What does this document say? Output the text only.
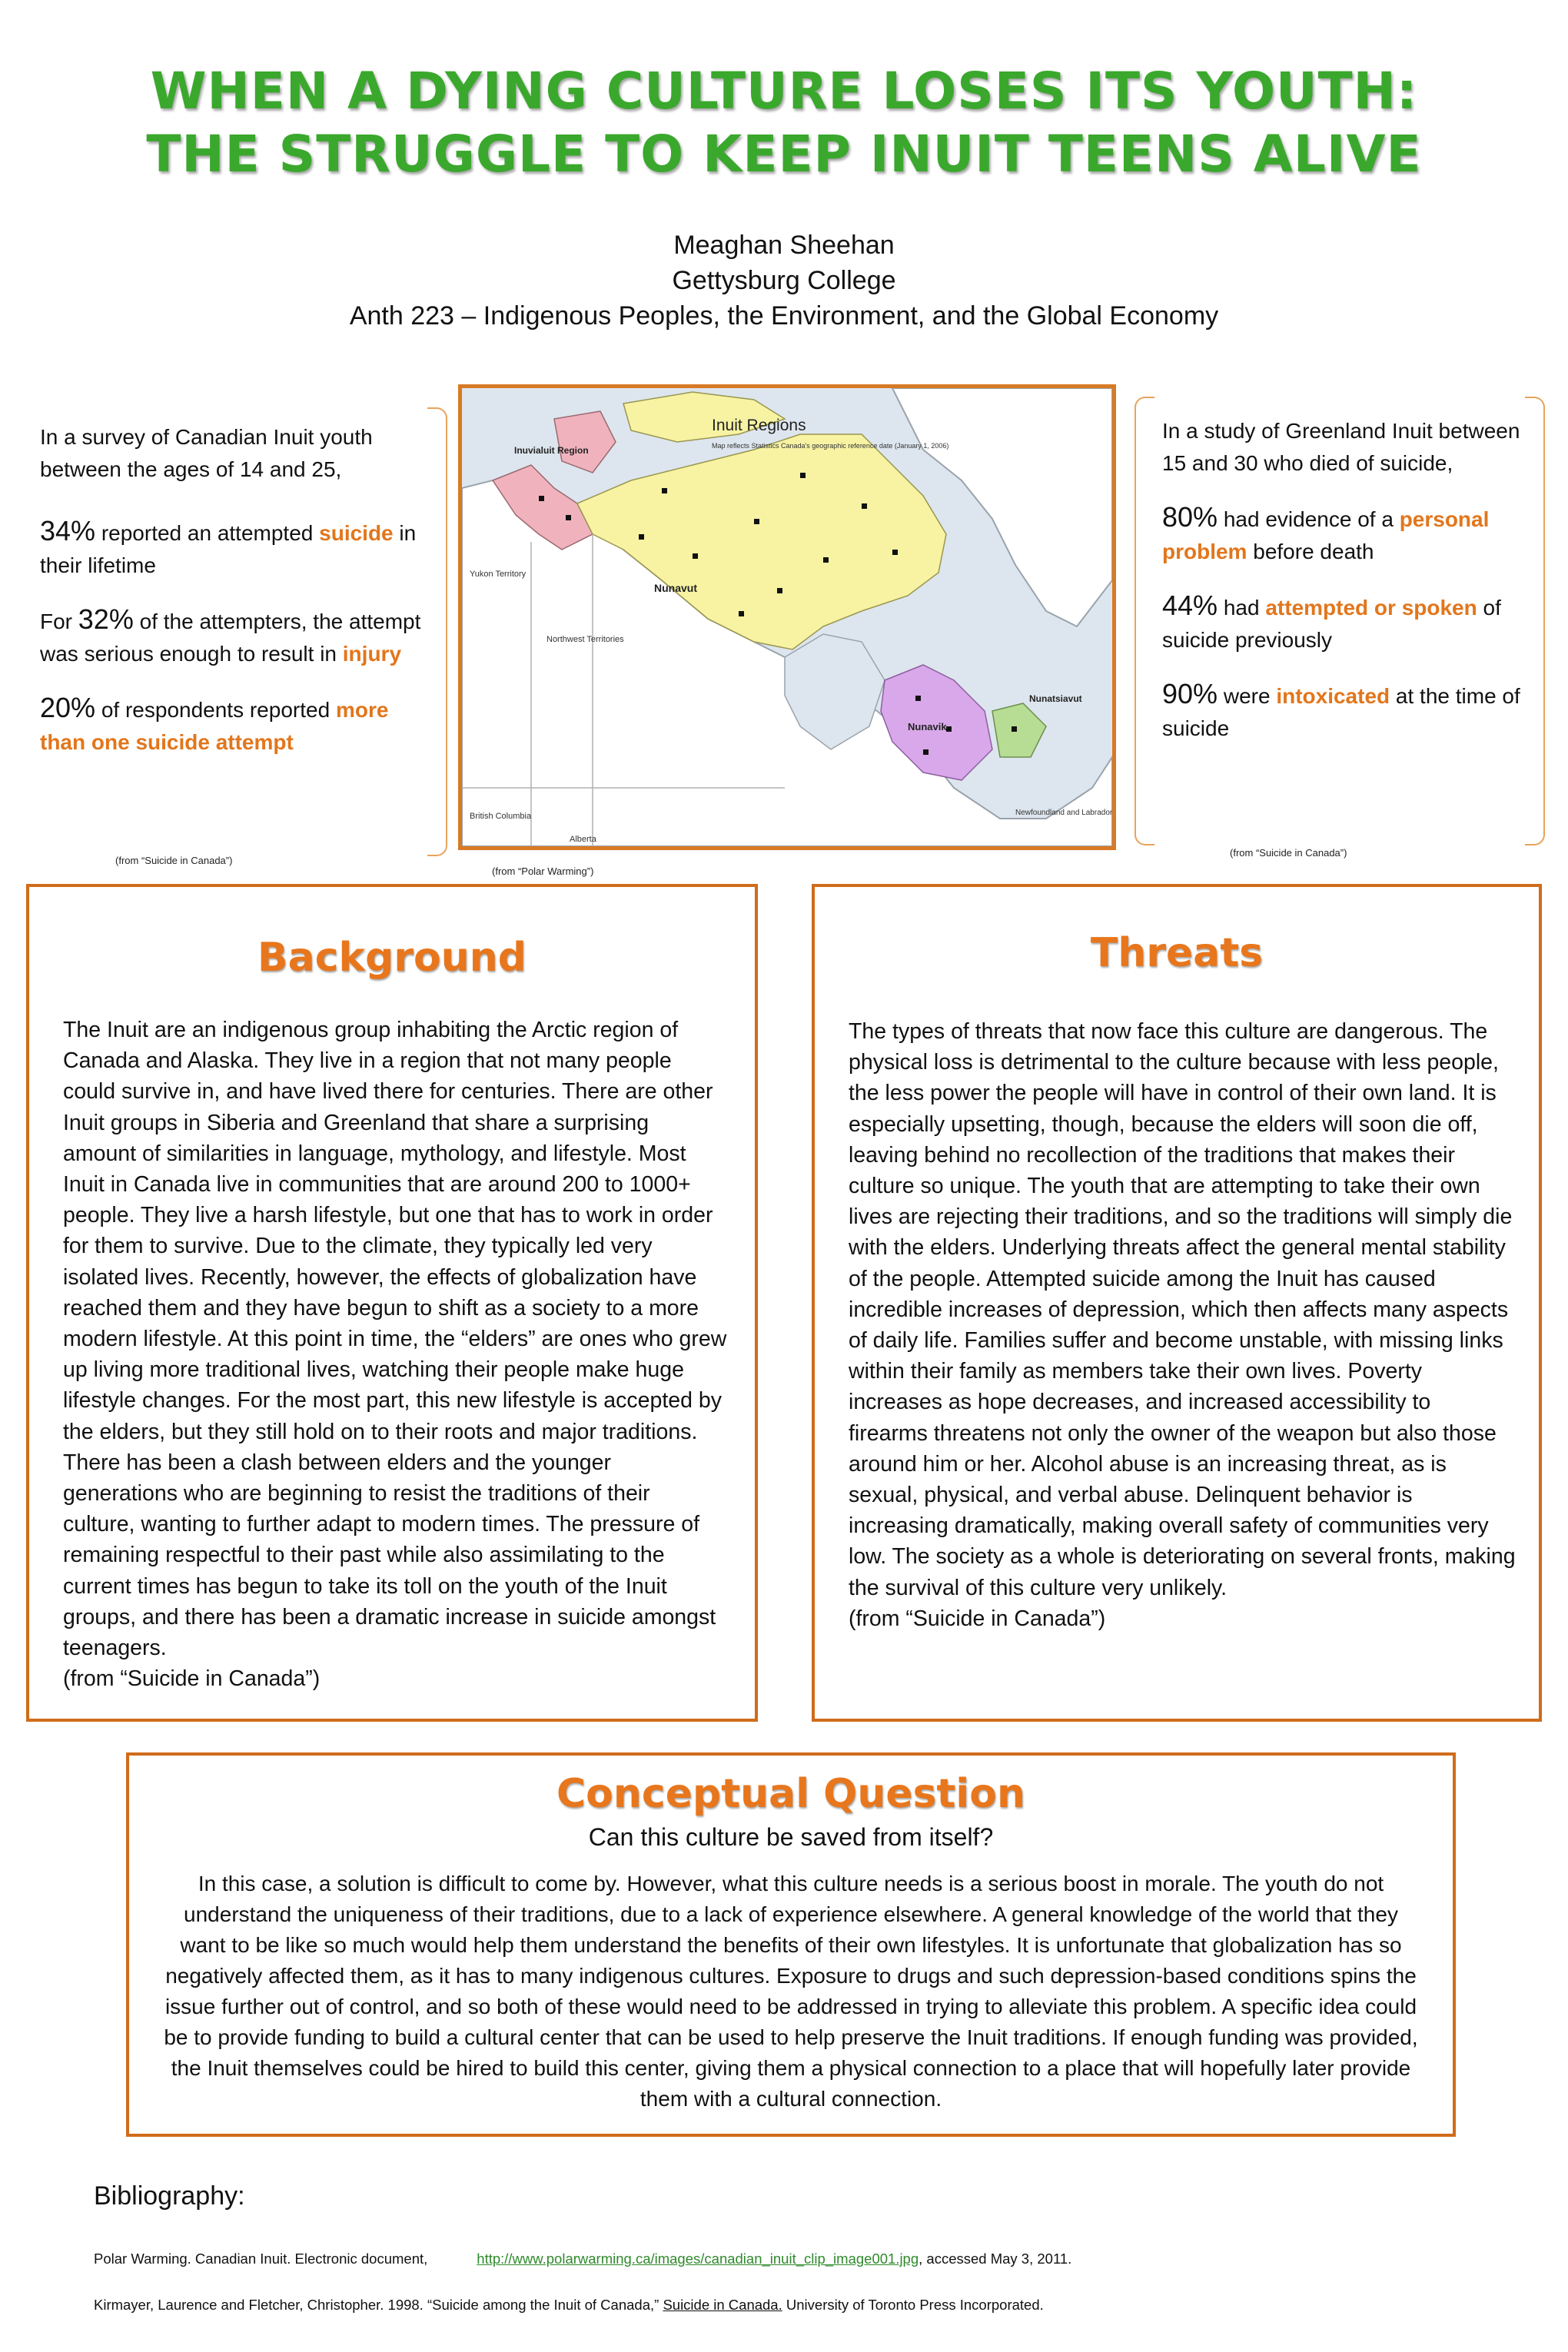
WHEN A DYING CULTURE LOSES ITS YOUTH:
THE STRUGGLE TO KEEP INUIT TEENS ALIVE
Meaghan Sheehan
Gettysburg College
Anth 223 – Indigenous Peoples, the Environment, and the Global Economy

In a survey of Canadian Inuit youth between the ages of 14 and 25,

34% reported an attempted suicide in their lifetime

For 32% of the attempters, the attempt was serious enough to result in injury

20% of respondents reported more than one suicide attempt

(from “Suicide in Canada”)
Inuit Regions
Map reflects Statistics Canada's geographic reference date (January 1, 2006)
Inuvialuit Region
Nunavut
Nunavik
Nunatsiavut
Yukon Territory
Northwest Territories
British Columbia
Alberta
Newfoundland and Labrador
(from “Polar Warming”)

In a study of Greenland Inuit between 15 and 30 who died of suicide,

80% had evidence of a personal problem before death

44% had attempted or spoken of suicide previously

90% were intoxicated at the time of suicide

(from “Suicide in Canada”)
Background

The Inuit are an indigenous group inhabiting the Arctic region of Canada and Alaska. They live in a region that not many people could survive in, and have lived there for centuries. There are other Inuit groups in Siberia and Greenland that share a surprising amount of similarities in language, mythology, and lifestyle. Most Inuit in Canada live in communities that are around 200 to 1000+ people. They live a harsh lifestyle, but one that has to work in order for them to survive. Due to the climate, they typically led very isolated lives. Recently, however, the effects of globalization have reached them and they have begun to shift as a society to a more modern lifestyle. At this point in time, the “elders” are ones who grew up living more traditional lives, watching their people make huge lifestyle changes. For the most part, this new lifestyle is accepted by the elders, but they still hold on to their roots and major traditions. There has been a clash between elders and the younger generations who are beginning to resist the traditions of their culture, wanting to further adapt to modern times. The pressure of remaining respectful to their past while also assimilating to the current times has begun to take its toll on the youth of the Inuit groups, and there has been a dramatic increase in suicide amongst teenagers.

(from “Suicide in Canada”)

Threats

The types of threats that now face this culture are dangerous. The physical loss is detrimental to the culture because with less people, the less power the people will have in control of their own land. It is especially upsetting, though, because the elders will soon die off, leaving behind no recollection of the traditions that makes their culture so unique. The youth that are attempting to take their own lives are rejecting their traditions, and so the traditions will simply die with the elders. Underlying threats affect the general mental stability of the people. Attempted suicide among the Inuit has caused incredible increases of depression, which then affects many aspects of daily life. Families suffer and become unstable, with missing links within their family as members take their own lives. Poverty increases as hope decreases, and increased accessibility to firearms threatens not only the owner of the weapon but also those around him or her. Alcohol abuse is an increasing threat, as is sexual, physical, and verbal abuse. Delinquent behavior is increasing dramatically, making overall safety of communities very low. The society as a whole is deteriorating on several fronts, making the survival of this culture very unlikely.

(from “Suicide in Canada”)

Conceptual Question
Can this culture be saved from itself?
In this case, a solution is difficult to come by. However, what this culture needs is a serious boost in morale. The youth do not understand the uniqueness of their traditions, due to a lack of experience elsewhere. A general knowledge of the world that they want to be like so much would help them understand the benefits of their own lifestyles. It is unfortunate that globalization has so negatively affected them, as it has to many indigenous cultures. Exposure to drugs and such depression-based conditions spins the issue further out of control, and so both of these would need to be addressed in trying to alleviate this problem. A specific idea could be to provide funding to build a cultural center that can be used to help preserve the Inuit traditions. If enough funding was provided, the Inuit themselves could be hired to build this center, giving them a physical connection to a place that will hopefully later provide them with a cultural connection.
Bibliography:
Polar Warming. Canadian Inuit. Electronic document,	http://www.polarwarming.ca/images/canadian_inuit_clip_image001.jpg, accessed May 3, 2011.
Kirmayer, Laurence and Fletcher, Christopher. 1998. “Suicide among the Inuit of Canada,” Suicide in Canada. University of Toronto Press Incorporated.
